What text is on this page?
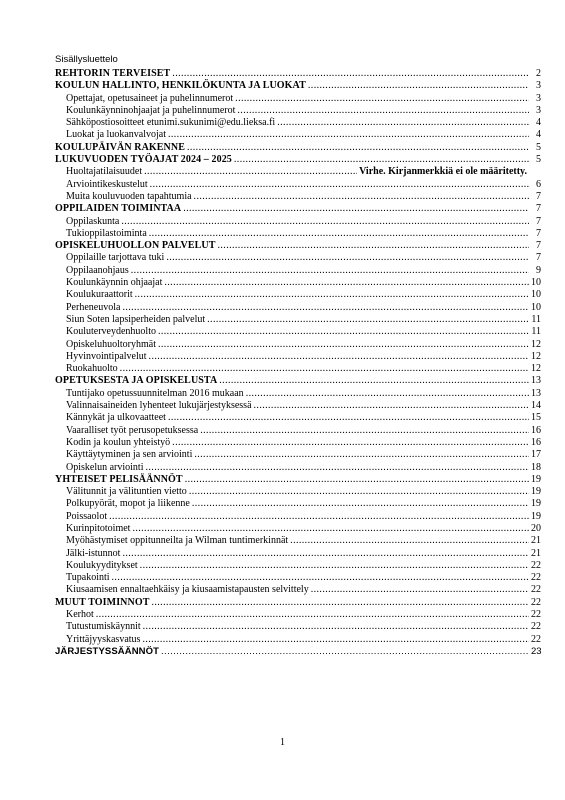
Sisällysluettelo
REHTORIN TERVEISET .....	2
KOULUN HALLINTO, HENKILÖKUNTA JA LUOKAT .....	3
Opettajat, opetusaineet ja puhelinnumerot .....	3
Koulunkäynninohjaajat ja puhelinnumerot .....	3
Sähköpostiosoitteet etunimi.sukunimi@edu.lieksa.fi .....	4
Luokat ja luokanvalvojat .....	4
KOULUPÄIVÄN RAKENNE .....	5
LUKUVUODEN TYÖAJAT 2024 – 2025 .....	5
Huoltajatilaisuudet .....	Virhe. Kirjanmerkkiä ei ole määritetty.
Arviointikeskustelut .....	6
Muita kouluvuoden tapahtumia .....	7
OPPILAIDEN TOIMINTAA .....	7
Oppilaskunta .....	7
Tukioppilastoiminta .....	7
OPISKELUHUOLLON PALVELUT .....	7
Oppilaille tarjottava tuki .....	7
Oppilaanohjaus .....	9
Koulunkäynnin ohjaajat .....	10
Koulukuraattorit .....	10
Perheneuvola .....	10
Siun Soten lapsiperheiden palvelut .....	11
Kouluterveydenhuolto .....	11
Opiskeluhuoltoryhmät .....	12
Hyvinvointipalvelut .....	12
Ruokahuolto .....	12
OPETUKSESTA JA OPISKELUSTA .....	13
Tuntijako opetussuunnitelman 2016 mukaan .....	13
Valinnaisaineiden lyhenteet lukujärjestyksessä .....	14
Kännykät ja ulkovaatteet .....	15
Vaaralliset työt perusopetuksessa .....	16
Kodin ja koulun yhteistyö .....	16
Käyttäytyminen ja sen arviointi .....	17
Opiskelun arviointi .....	18
YHTEISET PELISÄÄNNÖT .....	19
Välitunnit ja välituntien vietto .....	19
Polkupyörät, mopot ja liikenne .....	19
Poissaolot .....	19
Kurinpitotoimet .....	20
Myöhästymiset oppitunneilta ja Wilman tuntimerkinnät .....	21
Jälki-istunnot .....	21
Koulukyyditykset .....	22
Tupakointi .....	22
Kiusaamisen ennaltaehkäisy ja kiusaamistapausten selvittely .....	22
MUUT TOIMINNOT .....	22
Kerhot .....	22
Tutustumiskäynnit .....	22
Yrittäjyyskasvatus .....	22
JÄRJESTYSSÄÄNNÖT .....	23
1
